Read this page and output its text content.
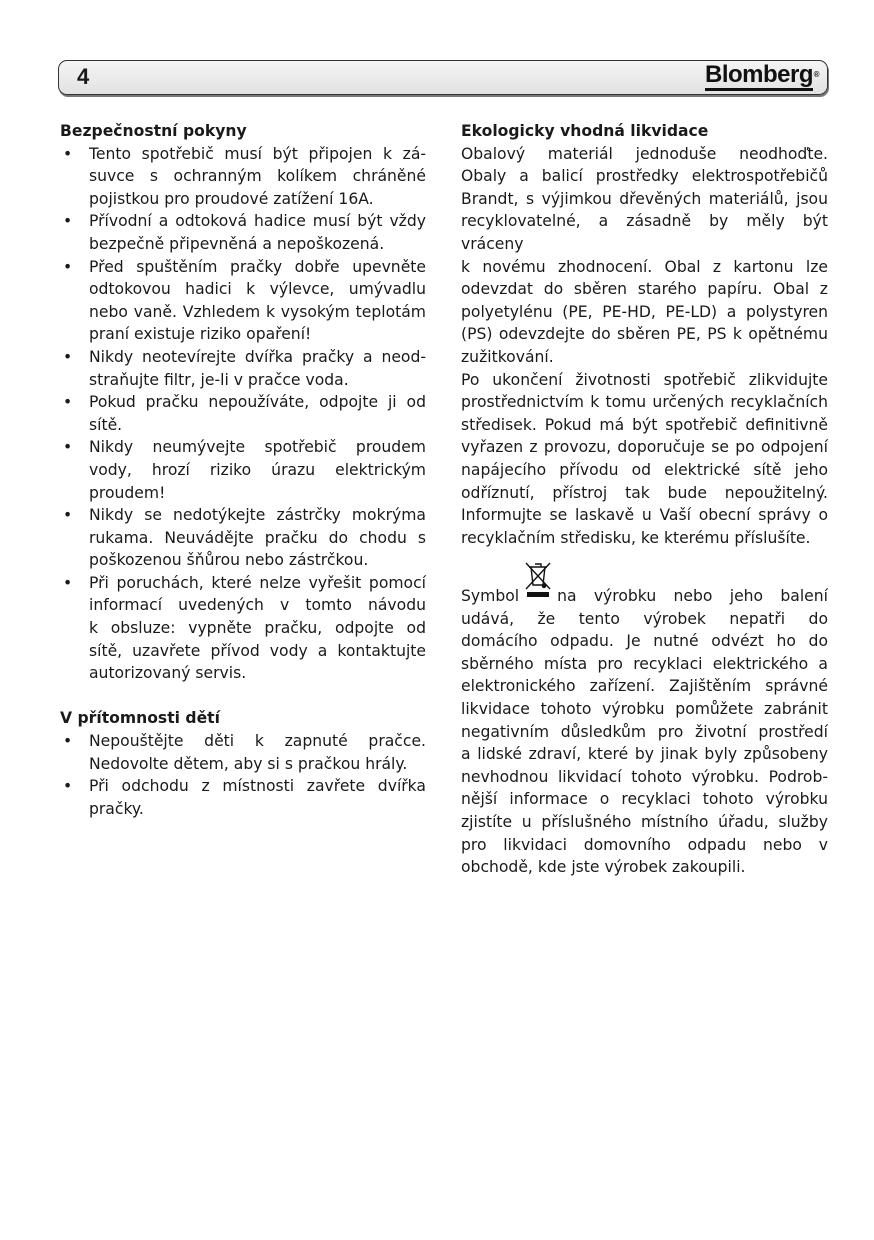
4	Blomberg ®
Bezpečnostní pokyny
• Tento spotřebič musí být připojen k zá-
suvce s ochranným kolíkem chráněné
pojistkou pro proudové zatížení 16A.
• Přívodní a odtoková hadice musí být vždy
bezpečně připevněná a nepoškozená.
• Před spuštěním pračky dobře upevněte
odtokovou hadici k výlevce, umývadlu
nebo vaně. Vzhledem k vysokým teplotám
praní existuje riziko opaření!
• Nikdy neotevírejte dvířka pračky a neod-
straňujte filtr, je-li v pračce voda.
• Pokud pračku nepoužíváte, odpojte ji od
sítě.
• Nikdy neumývejte spotřebič proudem
vody, hrozí riziko úrazu elektrickým
proudem!
• Nikdy se nedotýkejte zástrčky mokrýma
rukama. Neuvádějte pračku do chodu s
poškozenou šňůrou nebo zástrčkou.
• Při poruchách, které nelze vyřešit pomocí
informací uvedených v tomto návodu
k obsluze: vypněte pračku, odpojte od
sítě, uzavřete přívod vody a kontaktujte
autorizovaný servis.
V přítomnosti dětí
• Nepouštějte děti k zapnuté pračce.
Nedovolte dětem, aby si s pračkou hrály.
• Při odchodu z místnosti zavřete dvířka
pračky.
Ekologicky vhodná likvidace
Obalový materiál jednoduše neodhoďte.
Obaly a balicí prostředky elektrospotřebičů
Brandt, s výjimkou dřevěných materiálů, jsou
recyklovatelné, a zásadně by měly být vráceny
k novému zhodnocení. Obal z kartonu lze
odevzdat do sběren starého papíru. Obal z
polyetylénu (PE, PE-HD, PE-LD) a polystyren
(PS) odevzdejte do sběren PE, PS k opětnému
zužitkování.
Po ukončení životnosti spotřebič zlikvidujte
prostřednictvím k tomu určených recyklačních
středisek. Pokud má být spotřebič definitivně
vyřazen z provozu, doporučuje se po odpojení
napájecího přívodu od elektrické sítě jeho
odříznutí, přístroj tak bude nepoužitelný.
Informujte se laskavě u Vaší obecní správy o
recyklačním středisku, ke kterému příslušíte.
Symbol na výrobku nebo jeho balení
udává, že tento výrobek nepatři do
domácího odpadu. Je nutné odvézt ho do
sběrného místa pro recyklaci elektrického a
elektronického zařízení. Zajištěním správné
likvidace tohoto výrobku pomůžete zabránit
negativním důsledkům pro životní prostředí
a lidské zdraví, které by jinak byly způsobeny
nevhodnou likvidací tohoto výrobku. Podrob-
nější informace o recyklaci tohoto výrobku
zjistíte u příslušného místního úřadu, služby
pro likvidaci domovního odpadu nebo v
obchodě, kde jste výrobek zakoupili.
